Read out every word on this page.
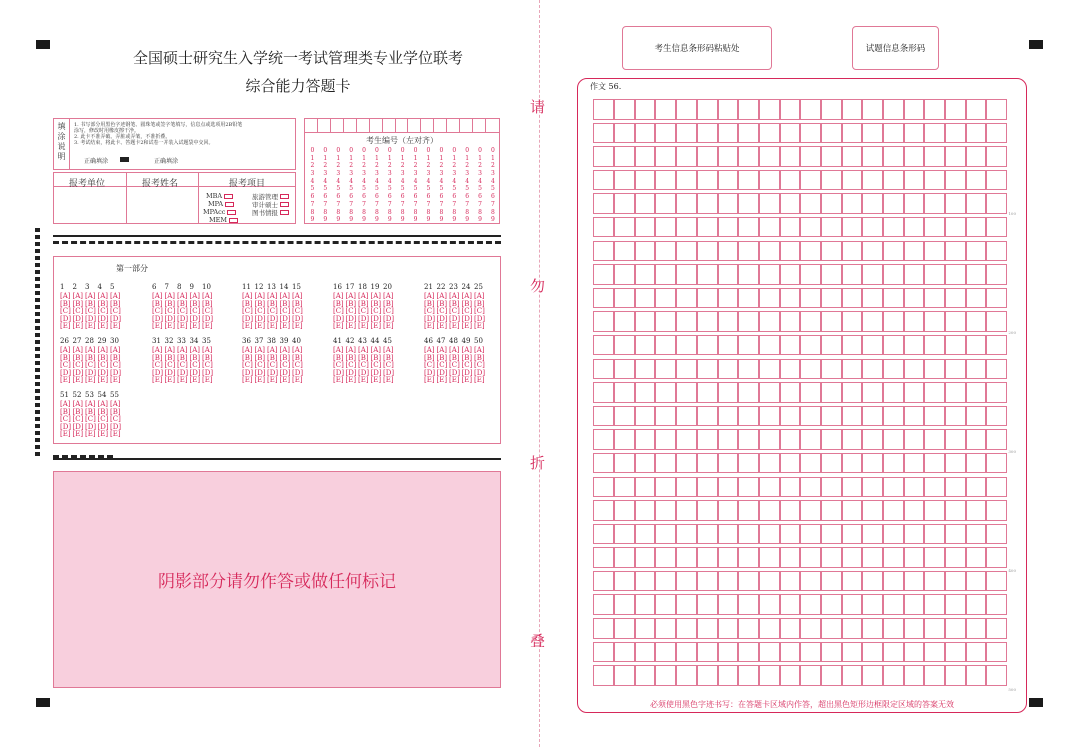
全国硕士研究生入学统一考试管理类专业学位联考
综合能力答题卡
填涂说明
1. 书写部分用黑色字迹钢笔、圆珠笔或签字笔填写，信息点或选项用2B铅笔
涂写，修改时用橡皮擦干净。
2. 此卡不准弄破、弄脏或弄皱，不准折叠。
3. 考试结束，将此卡、答题卡2和试卷一并装入试题袋中交回。
正确填涂	正确填涂
考生编号（左对齐）
0	0	0	0	0	0	0	0	0	0	0	0	0	0	0
1	1	1	1	1	1	1	1	1	1	1	1	1	1	1
2	2	2	2	2	2	2	2	2	2	2	2	2	2	2
3	3	3	3	3	3	3	3	3	3	3	3	3	3	3
4	4	4	4	4	4	4	4	4	4	4	4	4	4	4
5	5	5	5	5	5	5	5	5	5	5	5	5	5	5
6	6	6	6	6	6	6	6	6	6	6	6	6	6	6
7	7	7	7	7	7	7	7	7	7	7	7	7	7	7
8	8	8	8	8	8	8	8	8	8	8	8	8	8	8
9	9	9	9	9	9	9	9	9	9	9	9	9	9	9
报考单位	报考姓名	报考项目
MBA
MPA
MPAcc
MEM
旅游管理
审计硕士
图书情报
第一部分
1	2	3	4	5
[A] [A] [A] [A] [A]
[B] [B] [B] [B] [B]
[C] [C] [C] [C] [C]
[D] [D] [D] [D] [D]
[E] [E] [E] [E] [E]
6	7	8	9	10
[A] [A] [A] [A] [A]
[B] [B] [B] [B] [B]
[C] [C] [C] [C] [C]
[D] [D] [D] [D] [D]
[E] [E] [E] [E] [E]
11 12 13 14 15
[A] [A] [A] [A] [A]
[B] [B] [B] [B] [B]
[C] [C] [C] [C] [C]
[D] [D] [D] [D] [D]
[E] [E] [E] [E] [E]
16 17 18 19 20
[A] [A] [A] [A] [A]
[B] [B] [B] [B] [B]
[C] [C] [C] [C] [C]
[D] [D] [D] [D] [D]
[E] [E] [E] [E] [E]
21 22 23 24 25
[A] [A] [A] [A] [A]
[B] [B] [B] [B] [B]
[C] [C] [C] [C] [C]
[D] [D] [D] [D] [D]
[E] [E] [E] [E] [E]
26 27 28 29 30
[A] [A] [A] [A] [A]
[B] [B] [B] [B] [B]
[C] [C] [C] [C] [C]
[D] [D] [D] [D] [D]
[E] [E] [E] [E] [E]
31 32 33 34 35
[A] [A] [A] [A] [A]
[B] [B] [B] [B] [B]
[C] [C] [C] [C] [C]
[D] [D] [D] [D] [D]
[E] [E] [E] [E] [E]
36 37 38 39 40
[A] [A] [A] [A] [A]
[B] [B] [B] [B] [B]
[C] [C] [C] [C] [C]
[D] [D] [D] [D] [D]
[E] [E] [E] [E] [E]
41 42 43 44 45
[A] [A] [A] [A] [A]
[B] [B] [B] [B] [B]
[C] [C] [C] [C] [C]
[D] [D] [D] [D] [D]
[E] [E] [E] [E] [E]
46 47 48 49 50
[A] [A] [A] [A] [A]
[B] [B] [B] [B] [B]
[C] [C] [C] [C] [C]
[D] [D] [D] [D] [D]
[E] [E] [E] [E] [E]
51 52 53 54 55
[A] [A] [A] [A] [A]
[B] [B] [B] [B] [B]
[C] [C] [C] [C] [C]
[D] [D] [D] [D] [D]
[E] [E] [E] [E] [E]
阴影部分请勿作答或做任何标记
请
勿
折
叠
考生信息条形码粘贴处	试题信息条形码
作文 56.
必须使用黑色字迹书写：在答题卡区域内作答，超出黑色矩形边框限定区域的答案无效
100
200
300
400
500
